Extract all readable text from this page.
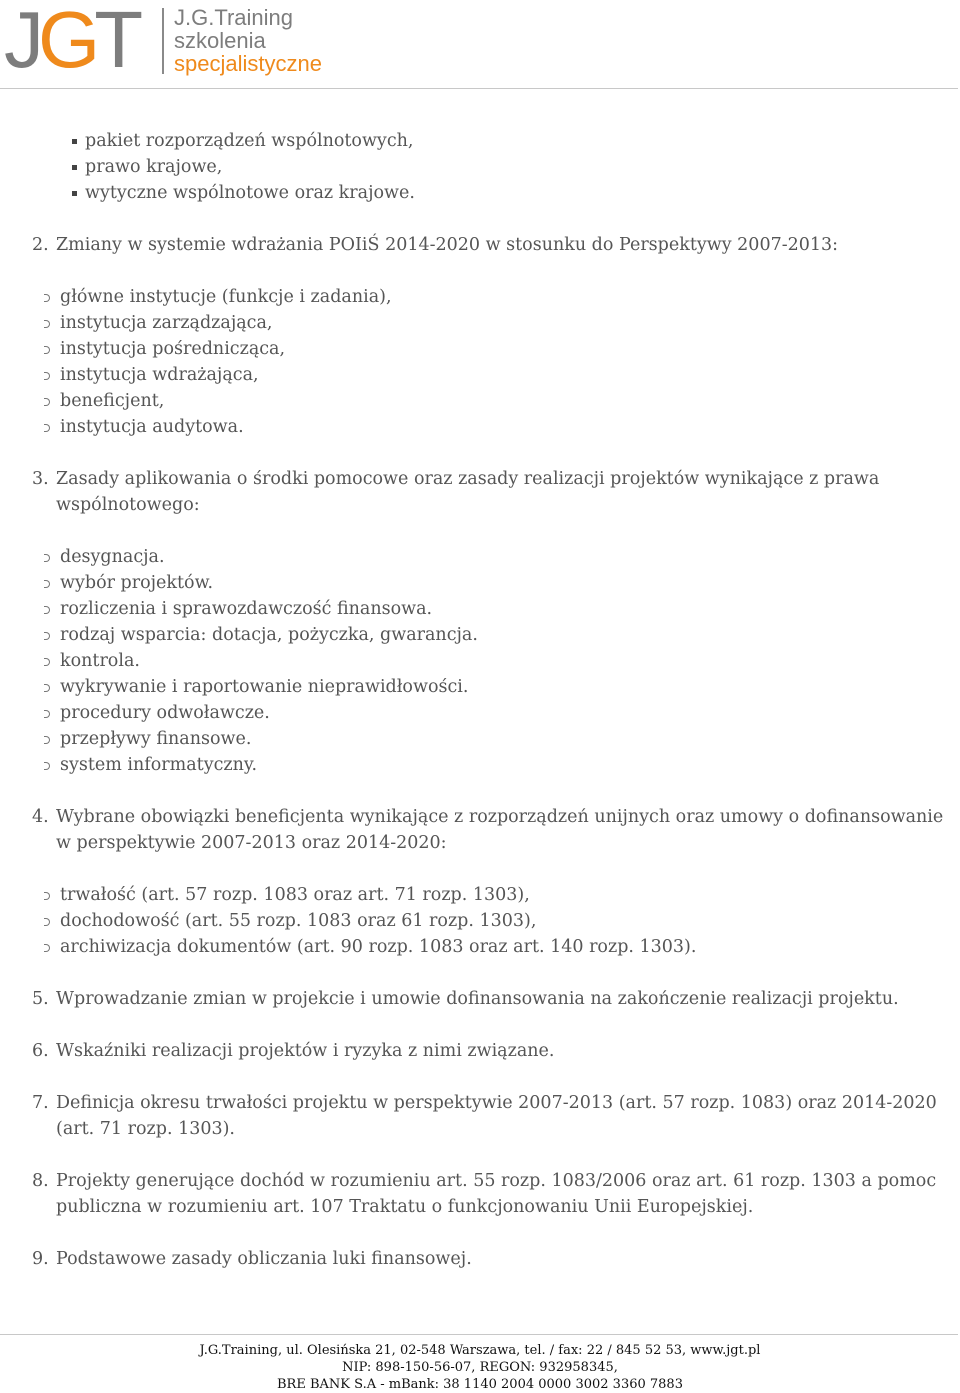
JGT J.G.Training
szkolenia
specjalistyczne
pakiet rozporządzeń wspólnotowych,
prawo krajowe,
wytyczne wspólnotowe oraz krajowe.
2. Zmiany w systemie wdrażania POIiŚ 2014-2020 w stosunku do Perspektywy 2007-2013:
główne instytucje (funkcje i zadania),
instytucja zarządzająca,
instytucja pośrednicząca,
instytucja wdrażająca,
beneficjent,
instytucja audytowa.
3. Zasady aplikowania o środki pomocowe oraz zasady realizacji projektów wynikające z prawa wspólnotowego:
desygnacja.
wybór projektów.
rozliczenia i sprawozdawczość finansowa.
rodzaj wsparcia: dotacja, pożyczka, gwarancja.
kontrola.
wykrywanie i raportowanie nieprawidłowości.
procedury odwoławcze.
przepływy finansowe.
system informatyczny.
4. Wybrane obowiązki beneficjenta wynikające z rozporządzeń unijnych oraz umowy o dofinansowanie w perspektywie 2007-2013 oraz 2014-2020:
trwałość (art. 57 rozp. 1083 oraz art. 71 rozp. 1303),
dochodowość (art. 55 rozp. 1083 oraz 61 rozp. 1303),
archiwizacja dokumentów (art. 90 rozp. 1083 oraz art. 140 rozp. 1303).
5. Wprowadzanie zmian w projekcie i umowie dofinansowania na zakończenie realizacji projektu.
6. Wskaźniki realizacji projektów i ryzyka z nimi związane.
7. Definicja okresu trwałości projektu w perspektywie 2007-2013 (art. 57 rozp. 1083) oraz 2014-2020 (art. 71 rozp. 1303).
8. Projekty generujące dochód w rozumieniu art. 55 rozp. 1083/2006 oraz art. 61 rozp. 1303 a pomoc publiczna w rozumieniu art. 107 Traktatu o funkcjonowaniu Unii Europejskiej.
9. Podstawowe zasady obliczania luki finansowej.
J.G.Training, ul. Olesińska 21, 02-548 Warszawa, tel. / fax: 22 / 845 52 53, www.jgt.pl
NIP: 898-150-56-07, REGON: 932958345,
BRE BANK S.A - mBank: 38 1140 2004 0000 3002 3360 7883
